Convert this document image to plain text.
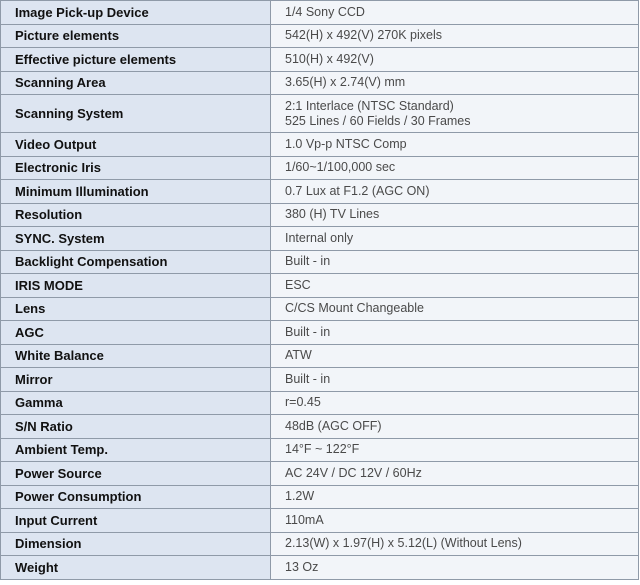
Image Pick-up Device	1/4 Sony CCD

Picture elements	542(H) x 492(V) 270K pixels

Effective picture elements	510(H) x 492(V)

Scanning Area	3.65(H) x 2.74(V) mm

Scanning System	2:1 Interlace (NTSC Standard)
525 Lines / 60 Fields / 30 Frames

Video Output	1.0 Vp-p NTSC Comp

Electronic Iris	1/60~1/100,000 sec

Minimum Illumination	0.7 Lux at F1.2 (AGC ON)

Resolution	380 (H) TV Lines

SYNC. System	Internal only

Backlight Compensation	Built - in

IRIS MODE	ESC

Lens	C/CS Mount Changeable

AGC	Built - in

White Balance	ATW

Mirror	Built - in

Gamma	r=0.45

S/N Ratio	48dB (AGC OFF)

Ambient Temp.	14°F ~ 122°F

Power Source	AC 24V / DC 12V / 60Hz

Power Consumption	1.2W

Input Current	110mA

Dimension	2.13(W) x 1.97(H) x 5.12(L) (Without Lens)

Weight	13 Oz
